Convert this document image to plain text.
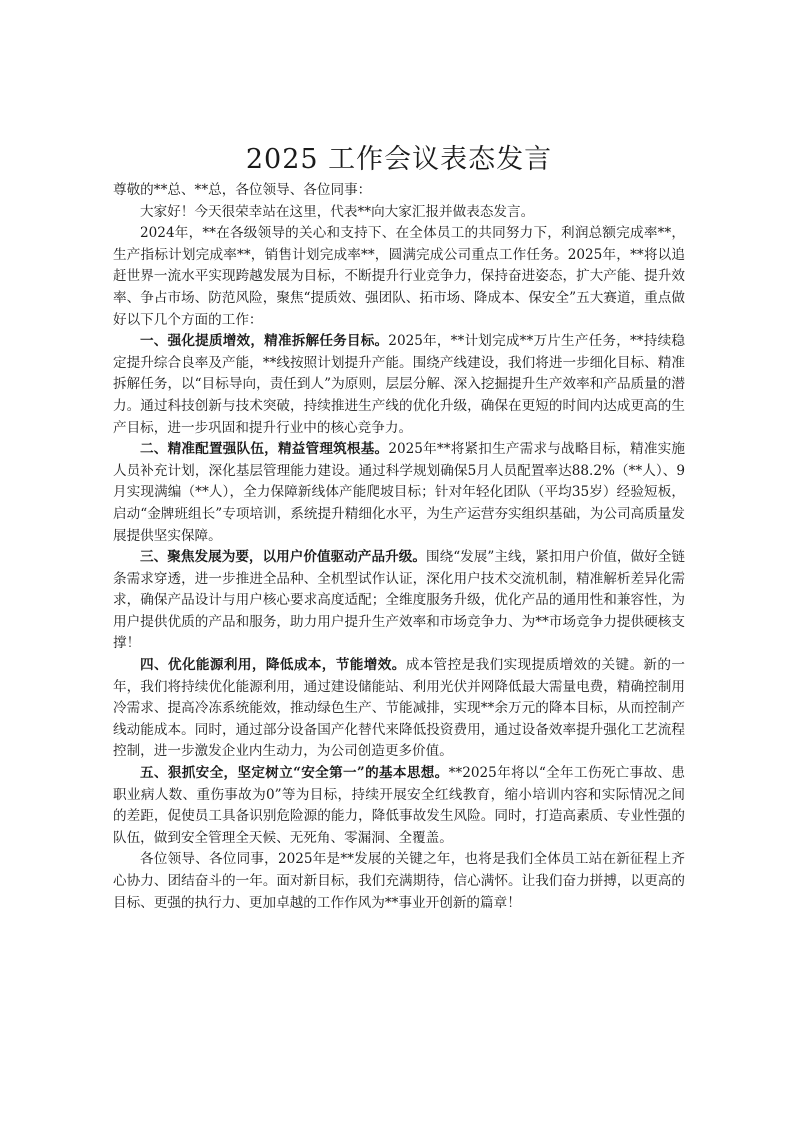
2025 工作会议表态发言

尊敬的**总、**总，各位领导、各位同事：

大家好！今天很荣幸站在这里，代表**向大家汇报并做表态发言。

2024年，**在各级领导的关心和支持下、在全体员工的共同努力下，利润总额完成率**，生产指标计划完成率**，销售计划完成率**，圆满完成公司重点工作任务。2025年，**将以追赶世界一流水平实现跨越发展为目标，不断提升行业竞争力，保持奋进姿态，扩大产能、提升效率、争占市场、防范风险，聚焦“提质效、强团队、拓市场、降成本、保安全”五大赛道，重点做好以下几个方面的工作：

一、强化提质增效，精准拆解任务目标。2025年，**计划完成**万片生产任务，**持续稳定提升综合良率及产能，**线按照计划提升产能。围绕产线建设，我们将进一步细化目标、精准拆解任务，以“目标导向，责任到人”为原则，层层分解、深入挖掘提升生产效率和产品质量的潜力。通过科技创新与技术突破，持续推进生产线的优化升级，确保在更短的时间内达成更高的生产目标，进一步巩固和提升行业中的核心竞争力。

二、精准配置强队伍，精益管理筑根基。2025年**将紧扣生产需求与战略目标，精准实施人员补充计划，深化基层管理能力建设。通过科学规划确保5月人员配置率达88.2%（**人）、9月实现满编（**人），全力保障新线体产能爬坡目标；针对年轻化团队（平均35岁）经验短板，启动“金牌班组长”专项培训，系统提升精细化水平，为生产运营夯实组织基础，为公司高质量发展提供坚实保障。

三、聚焦发展为要，以用户价值驱动产品升级。围绕“发展”主线，紧扣用户价值，做好全链条需求穿透，进一步推进全品种、全机型试作认证，深化用户技术交流机制，精准解析差异化需求，确保产品设计与用户核心要求高度适配；全维度服务升级，优化产品的通用性和兼容性，为用户提供优质的产品和服务，助力用户提升生产效率和市场竞争力、为**市场竞争力提供硬核支撑！

四、优化能源利用，降低成本，节能增效。成本管控是我们实现提质增效的关键。新的一年，我们将持续优化能源利用，通过建设储能站、利用光伏并网降低最大需量电费，精确控制用冷需求、提高冷冻系统能效，推动绿色生产、节能减排，实现**余万元的降本目标，从而控制产线动能成本。同时，通过部分设备国产化替代来降低投资费用，通过设备效率提升强化工艺流程控制，进一步激发企业内生动力，为公司创造更多价值。

五、狠抓安全，坚定树立“安全第一”的基本思想。**2025年将以“全年工伤死亡事故、患职业病人数、重伤事故为0”等为目标，持续开展安全红线教育，缩小培训内容和实际情况之间的差距，促使员工具备识别危险源的能力，降低事故发生风险。同时，打造高素质、专业性强的队伍，做到安全管理全天候、无死角、零漏洞、全覆盖。

各位领导、各位同事，2025年是**发展的关键之年，也将是我们全体员工站在新征程上齐心协力、团结奋斗的一年。面对新目标，我们充满期待，信心满怀。让我们奋力拼搏，以更高的目标、更强的执行力、更加卓越的工作作风为**事业开创新的篇章！
